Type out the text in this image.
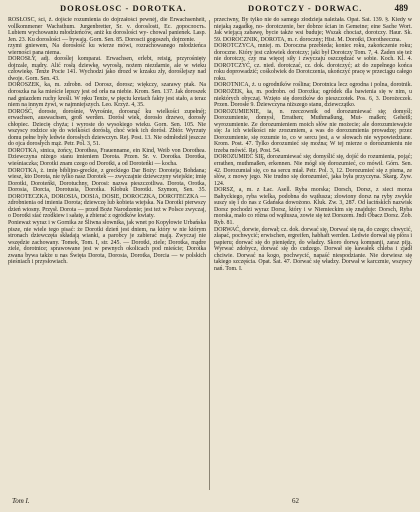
DOROSŁOSC - DOROTKA.	DOROTCZY - DORWAC.	489

ROSŁOŚĆ, ści, ż. dojście rozumienia do dojrzałości pewnéj, die Erwachsenheit, vollkommener Wachsthum. Jurgenbretter, Sr. v. doroslosti, Ec. дорослость. Lubiem wychowaniu młodzieńców, aniż ku doroslości wy- chowal panienek. Lasp. Jen. 23. Ku doroslości — bywają. Gorn. Sen. 85. Doroscii gogoszeh, dojrzenie.

rzymi gniewem, Na dorosłość ku wierze mówi, rozrachowanego młodzieńca wierności pana niema.

DOROSŁY, adj. doroślej komparat. Erwachsen, erlebt, reisig, przyrośnięty dojrzale, mądry. Alić rosłą dziewkę, wyrosłą, nożem niezdarnie, ale w wieku człowiekę. Tenże Pocie 141. Wychodzi jako drozd w krzaku zły, doroślejszy nad dwoje. Gorn. Sen. 43.

DOROSZEK, ka, m. zdrobn. od Dorosz, dorosz; więkczy, szarawy ptak. Na doroszka na ka mieście lepszy jest od orła na niebie. Krom. Sen. 137. Jak doroszek nad gniazdem ruchy kreśli. W ręku Tenże, w pięciu kretach fakty jest stało, a teraz niem na innym żywi, w najmniejszych. Leo. Krzyż. 4, 35.

DOROŚĆ, doroste, dorośnie, Wyrośnie, dorosnąć ku wielkości zupełnéj; erwachsen, auswachsen, groß werden. Dorósł wiek, dorosło drzewo, dorosły chłopiec. Dziecię chyża; i wyroste do wysokiego wieku. Gorn. Sen. 105. Nie wszyscy rodzice się do wielkości dorósłą, choć wiek ich dorósł. Zbiór. Wyrzuty domu pełne były ledwie dorosłych dziewczyn. Rej. Post. 13. Nie odmłodził jeszcze do ojca dorosłych mąż. Petr. Pol. 3, 51.

DOROTKA, stnica, żońcy, Dorothea, Frauenname, ein Kind, Weib von Dorothea. Dziewczyna niżego stanu imieniem Dorota. Przen. Sr. v. Dorotka. Dorotka, wieśniaczka; Dorotki znam czego od Dorotki, a od Doroteńki — kocha.

DOROTKA, ż. imię biblijno-greckie, z greckiego Dar Boży: Doroteja; Bohdana; wiesz, kto Dorota, nie tylko nasz Dorotek — zwyczajnie dziewczyny wiejskie; imię Dorotki, Doroteńki, Dorotuchny, Dorosi: nazwa pieszczotliwa. Dorota, Orotka, Dorosia, Dorcia, Dorotusia, Dorotka. Kłobuk Dorotki. Szymon, Sen. 35. DOROTECZKA, DOROSIA, DOSIA, DOSIE, DOROCZKA, DOROTECZKA — zdrobnienia od imienia Dorota; dziewczę lub kobieta wiejska. Na Dorotki pierwszy dzień wiosny. Przysł. Dorota — przed Boże Narodzenie; jest też w Polsce zwyczaj, o Dorotki siać rzodkiew i sałatę, a zbierać z ogródków kwiaty.

Ponieważ wyraz i w Gornika ze Śliwna słownika, jak wnet po Kopyłowie Urbańska pisze, nie wiele tego pisać: że Dorotki dzień jest dniem, na który w nie którym stronach dziewczęta składają wianki, a parobcy je zabierać mają. Zwyczaj nie wszędzie zachowany. Tomek, Tom. I, str. 245. — Dorotki, ziele; Dorotka, mądre ziele, dorotnice; sprawowane jest w pewnych okolicach pod mieście; Dorotka zwana bywa także u nas Święta Dorota, Dorosia, Dorotka, Dorcia — w polskich pieśniach i przysłowiach.

przeciwny, By tylko nie do samego złodzieja należała. Opat. Sat. 139. §. Kiedy w niejaką zagadkę, no- dorotczenie, ber dobrze ścian in Gemeine; eine Sache Wort. Jak wiejącą zabawę, bycie także wsi buduje; Wszak chociaż, dorotczy. Haur. Sk. 59. DOROCZNIK, DOROTA, m. r. doroczny; Hist. M. Dorotki, Dorotheeczna.

DOROTCZYCA, mniej. m. Doroczna przebieda; koniec roku, zakończenie roku; doroczne. Który jest człowiek dorotczy; jaki był Dorotczy Tom. 7, 4. Żaden się też nie dorotczy, czy ma więcej siły i zwyczaju oszczędzać w sobie. Koch. Kl. 4. DOROTCZYĆ, cz. nied. dorotczać, cz. dok. dorotczyć; aż do zupełnego końca roku doprowadzić; cośkolwiek do Dorotczenia, ukończyć pracę w przeciągu całego roku.

DOROTNICA, ż. u ogrodników roślina; Dorotnica lecz ogrodna i polna, dorotnik. DOROŻEK, ka, m. podrobn. od Dorożka; ogródek dla bawienia się w nim, u niektórych obyczaj. Wzięto się dorożków do pieszczotek. Pos. 6, 3. Dorożeczek. Przen. Dorosłe 9. Dziewczyna niższego stanu, dziewczątko.

DOROZUMIENIE, ia, n. rzeczownik od dorozumiewać się; domyśl; Dorozumienie, domysł, Errathen; Muthmaßung, Mut- maßen; Geheiß; wyrozumienie. Ze dorozumieniem moich słów nie możecie; ale dorozumiewajcie się: Ja ich wielkości nie zrozumiem, a was do dorozumienia prowadzę; przez Dorozumienie, się rozumie to, co w sercu jest, a w słowach nie wypowiedziane. Krom. Post. 47. Tylko dorozumieć się można; W tej mierze o dorozumieniu nie trzeba mówić. Rej. Post. 54.

DOROZUMIEĆ SIĘ, dorozumiewać się; domyślić się, dojść do rozumienia, pojąć; errathen, muthmaßen, erkennen. Nie mógł się dorozumieć, co mówił. Górn. Sen. 42. Dorozumiał się, co na sercu miał. Petr. Pol. 3, 12. Dorozumieć się z pisma, ze słów, z mowy jego. Nie trudno się dorozumieć, jaka była przyczyna. Skarg. Żyw. 124.

DORSZ, a, m. z Łac. Asell. Ryba morska; Dorsch, Dorsz, z sieci morza Bałtyckiego, ryba wielka, podobna do wątłusza; złowiony dorsz na ryby zwykle suszy się i do nas z Gdańska dowożono. Kluk. Zw. 3, 287. Od łacińskich nazwisk Dorsz pochodzi wyraz Dorsz, który i w Niemieckim się znajduje: Dorsch, Ryba morska, mało co różna od wątłusza, zowie się też Dorszem. Jndi Obacz Dorsz. Zob. Ryb. 81.

DORWAĆ, dorwie, dorwał; cz. dok. dorwać się, Dorwać się na, do czego; chwycić, złapać, pochwycić; erwischen, ergreifen, habhaft werden. Ledwie dorwał się pióra i papieru; dorwać się do pieniędzy, do władzy. Skoro dorwą kompanji, zaraz piją. Wyrwać zdobycz, dorwać się do cudzego. Dorwał się kawałek chleba i zjadł chciwie. Dorwać na kogo, pochwycić, napaść niespodzianie. Nie dorwiesz się takiego szczęścia. Opat. Sat. 47. Dorwać się władzy. Dorwał w karczmie, wszyscy nań. Tom. I.

Tom I.	62
